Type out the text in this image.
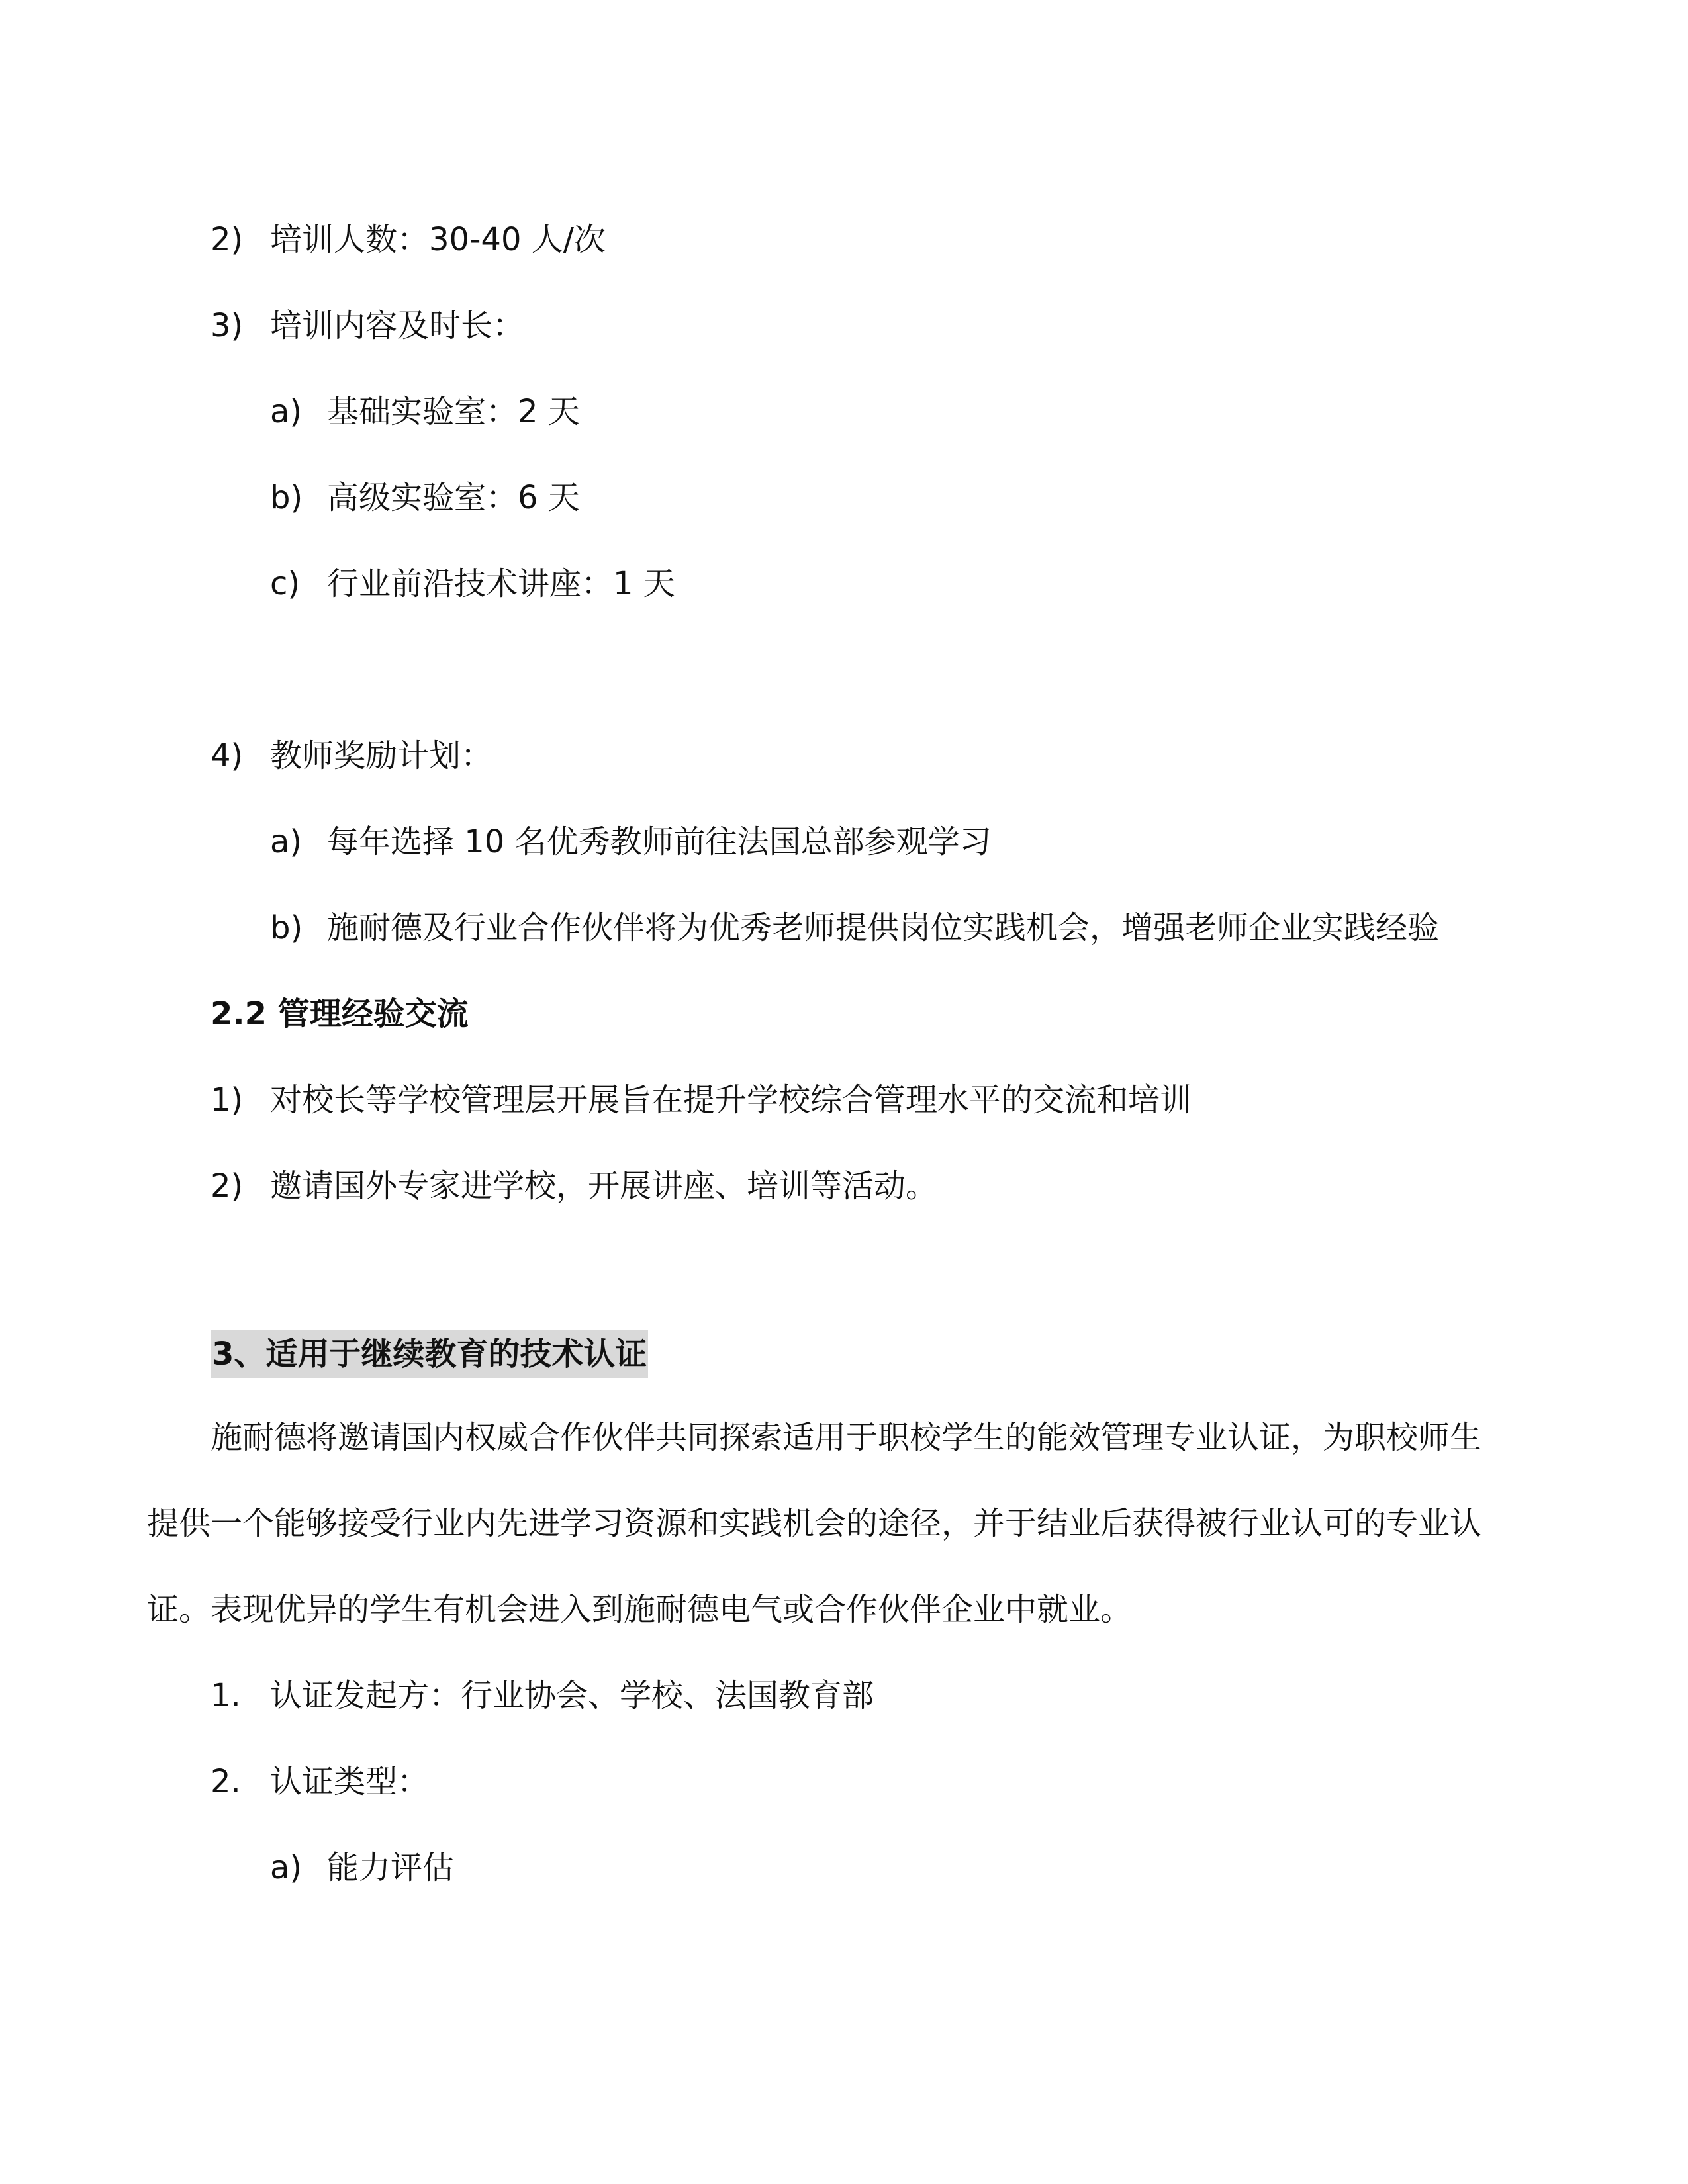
2) 培训人数：30-40 人/次
3) 培训内容及时长：
a) 基础实验室：2 天
b) 高级实验室：6 天
c) 行业前沿技术讲座：1 天
4) 教师奖励计划：
a) 每年选择 10 名优秀教师前往法国总部参观学习
b) 施耐德及行业合作伙伴将为优秀老师提供岗位实践机会，增强老师企业实践经验
2.2 管理经验交流
1) 对校长等学校管理层开展旨在提升学校综合管理水平的交流和培训
2) 邀请国外专家进学校，开展讲座、培训等活动。
3、适用于继续教育的技术认证
施耐德将邀请国内权威合作伙伴共同探索适用于职校学生的能效管理专业认证，为职校师生
提供一个能够接受行业内先进学习资源和实践机会的途径，并于结业后获得被行业认可的专业认
证。表现优异的学生有机会进入到施耐德电气或合作伙伴企业中就业。
1. 认证发起方：行业协会、学校、法国教育部
2. 认证类型：
a) 能力评估
